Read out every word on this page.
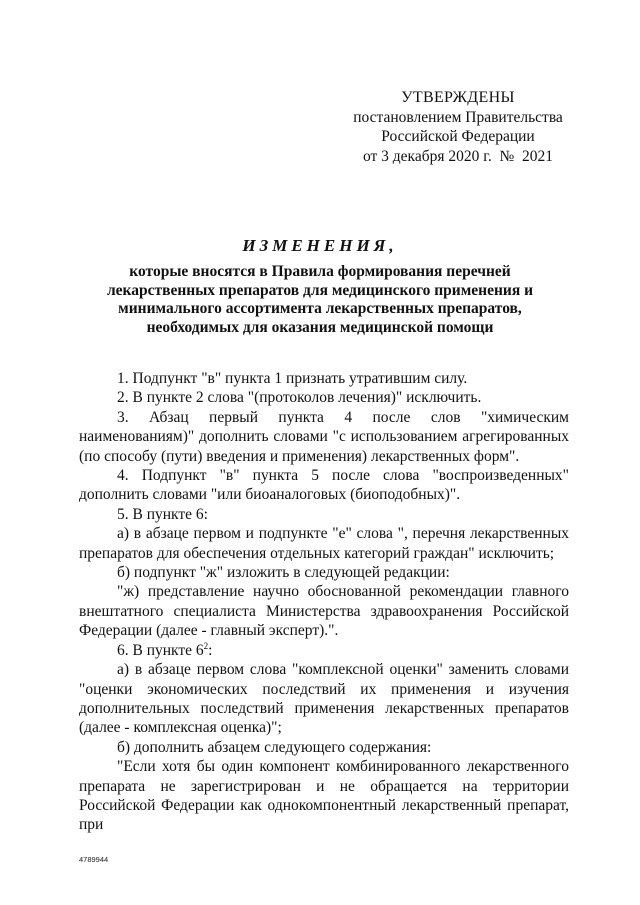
УТВЕРЖДЕНЫ
постановлением Правительства
Российской Федерации
от 3 декабря 2020 г.  №  2021
ИЗМЕНЕНИЯ,
которые вносятся в Правила формирования перечней лекарственных препаратов для медицинского применения и минимального ассортимента лекарственных препаратов, необходимых для оказания медицинской помощи

1. Подпункт "в" пункта 1 признать утратившим силу.

2. В пункте 2 слова "(протоколов лечения)" исключить.

3. Абзац первый пункта 4 после слов "химическим наименованиям)" дополнить словами "с использованием агрегированных (по способу (пути) введения и применения) лекарственных форм".

4. Подпункт "в" пункта 5 после слова "воспроизведенных" дополнить словами "или биоаналоговых (биоподобных)".

5. В пункте 6:

а) в абзаце первом и подпункте "е" слова ", перечня лекарственных препаратов для обеспечения отдельных категорий граждан" исключить;

б) подпункт "ж" изложить в следующей редакции:

"ж) представление научно обоснованной рекомендации главного внештатного специалиста Министерства здравоохранения Российской Федерации (далее - главный эксперт).".

6. В пункте $6^2$:

а) в абзаце первом слова "комплексной оценки" заменить словами "оценки экономических последствий их применения и изучения дополнительных последствий применения лекарственных препаратов (далее - комплексная оценка)";

б) дополнить абзацем следующего содержания:

"Если хотя бы один компонент комбинированного лекарственного препарата не зарегистрирован и не обращается на территории Российской Федерации как однокомпонентный лекарственный препарат, при

4789944
